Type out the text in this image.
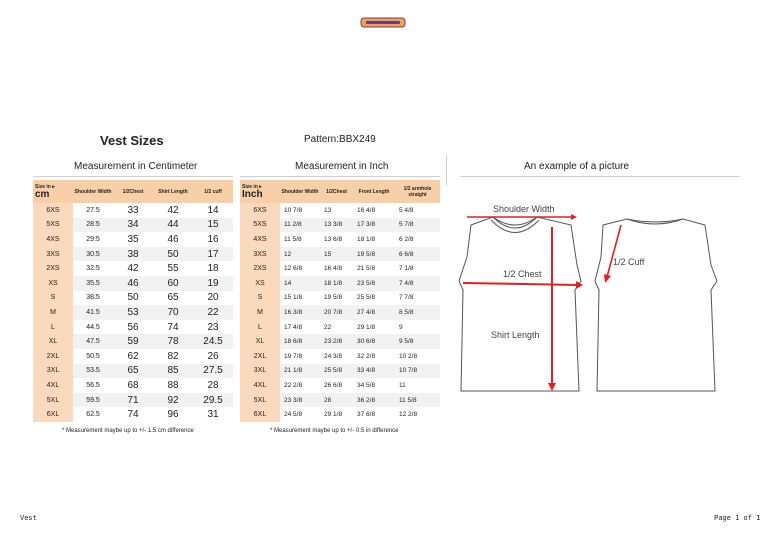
Vest Sizes	Pattern:BBX249
Measurement in Centimeter	Measurement in Inch	An example of a picture
Size in ▸
cm	Shoulder Width	1/2Chest	Shirt Length	1/2 cuff
6XS	27.5	33	42	14
5XS	28.5	34	44	15
4XS	29.5	35	46	16
3XS	30.5	38	50	17
2XS	32.5	42	55	18
XS	35.5	46	60	19
S	38.5	50	65	20
M	41.5	53	70	22
L	44.5	56	74	23
XL	47.5	59	78	24.5
2XL	50.5	62	82	26
3XL	53.5	65	85	27.5
4XL	56.5	68	88	28
5XL	59.5	71	92	29.5
6XL	62.5	74	96	31
Size in ▸
Inch	Shoulder Width	1/2Chest	Front Length	1/2 armhole straight
6XS	10 7/8	13	16 4/8	5 4/8
5XS	11 2/8	13 3/8	17 3/8	5 7/8
4XS	11 5/8	13 6/8	18 1/8	6 2/8
3XS	12	15	19 5/8	6 6/8
2XS	12 6/8	16 4/8	21 5/8	7 1/8
XS	14	18 1/8	23 5/8	7 4/8
S	15 1/8	19 5/8	25 5/8	7 7/8
M	16 3/8	20 7/8	27 4/8	8 5/8
L	17 4/8	22	29 1/8	9
XL	18 6/8	23 2/8	30 6/8	9 5/8
2XL	19 7/8	24 3/8	32 2/8	10 2/8
3XL	21 1/8	25 5/8	33 4/8	10 7/8
4XL	22 2/8	26 6/8	34 5/8	11
5XL	23 3/8	28	36 2/8	11 5/8
6XL	24 5/8	29 1/8	37 6/8	12 2/8
* Measurement maybe up to +/- 1.5 cm difference	* Measurement maybe up to +/- 0.5 in difference
Shoulder Width
1/2 Chest
Shirt Length
1/2 Cuff
Vest	Page 1 of 1
